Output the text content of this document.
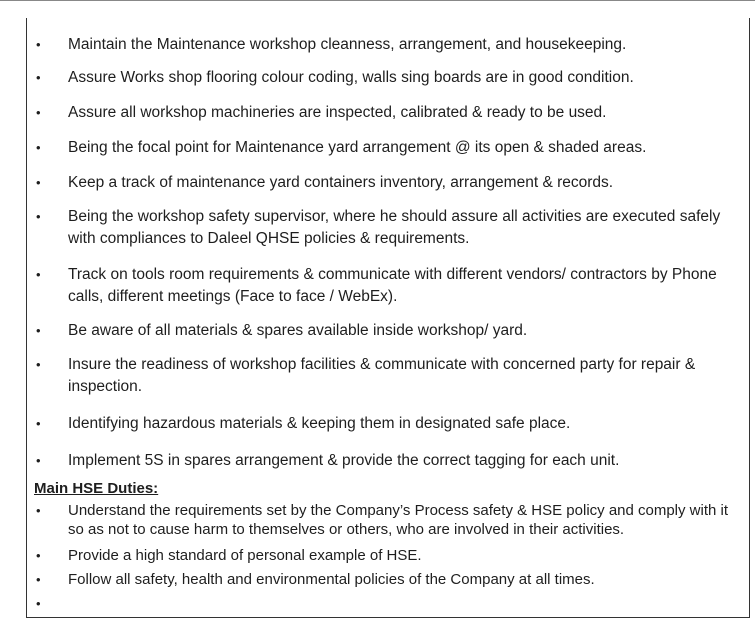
•	Maintain the Maintenance workshop cleanness, arrangement, and housekeeping.
•	Assure Works shop flooring colour coding, walls sing boards are in good condition.
•	Assure all workshop machineries are inspected, calibrated & ready to be used.
•	Being the focal point for Maintenance yard arrangement @ its open & shaded areas.
•	Keep a track of maintenance yard containers inventory, arrangement & records.
•	Being the workshop safety supervisor, where he should assure all activities are executed safely with compliances to Daleel QHSE policies & requirements.
•	Track on tools room requirements & communicate with different vendors/ contractors by Phone calls, different meetings (Face to face / WebEx).
•	Be aware of all materials & spares available inside workshop/ yard.
•	Insure the readiness of workshop facilities & communicate with concerned party for repair & inspection.
•	Identifying hazardous materials & keeping them in designated safe place.
•	Implement 5S in spares arrangement & provide the correct tagging for each unit.
Main HSE Duties:
• Understand the requirements set by the Company’s Process safety & HSE policy and comply with it so as not to cause harm to themselves or others, who are involved in their activities.
• Provide a high standard of personal example of HSE.
• Follow all safety, health and environmental policies of the Company at all times.
•
